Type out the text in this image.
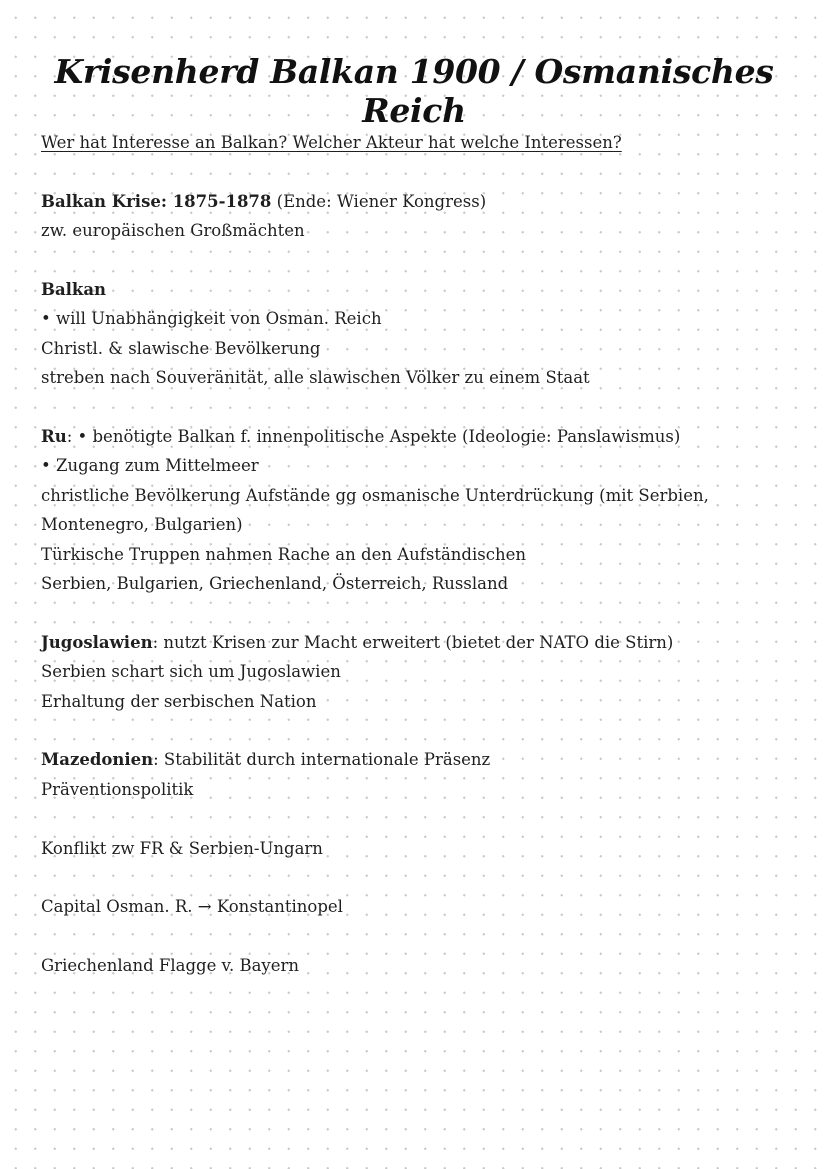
Krisenherd Balkan 1900 / Osmanisches Reich
Wer hat Interesse an Balkan? Welcher Akteur hat welche Interessen?
Balkan Krise: 1875-1878 (Ende: Wiener Kongress)
zw. europäischen Großmächten
Balkan
• will Unabhängigkeit von Osman. Reich
Christl. & slawische Bevölkerung
streben nach Souveränität, alle slawischen Völker zu einem Staat
Ru: • benötigte Balkan f. innenpolitische Aspekte (Ideologie: Panslawismus)
• Zugang zum Mittelmeer
christliche Bevölkerung Aufstände gg osmanische Unterdrückung (mit Serbien,
Montenegro, Bulgarien)
Türkische Truppen nahmen Rache an den Aufständischen
Serbien, Bulgarien, Griechenland, Österreich, Russland
Jugoslawien: nutzt Krisen zur Macht erweitert (bietet der NATO die Stirn)
Serbien schart sich um Jugoslawien
Erhaltung der serbischen Nation
Mazedonien: Stabilität durch internationale Präsenz
Präventionspolitik
Konflikt zw FR & Serbien-Ungarn
Capital Osman. R. → Konstantinopel
Griechenland Flagge v. Bayern
